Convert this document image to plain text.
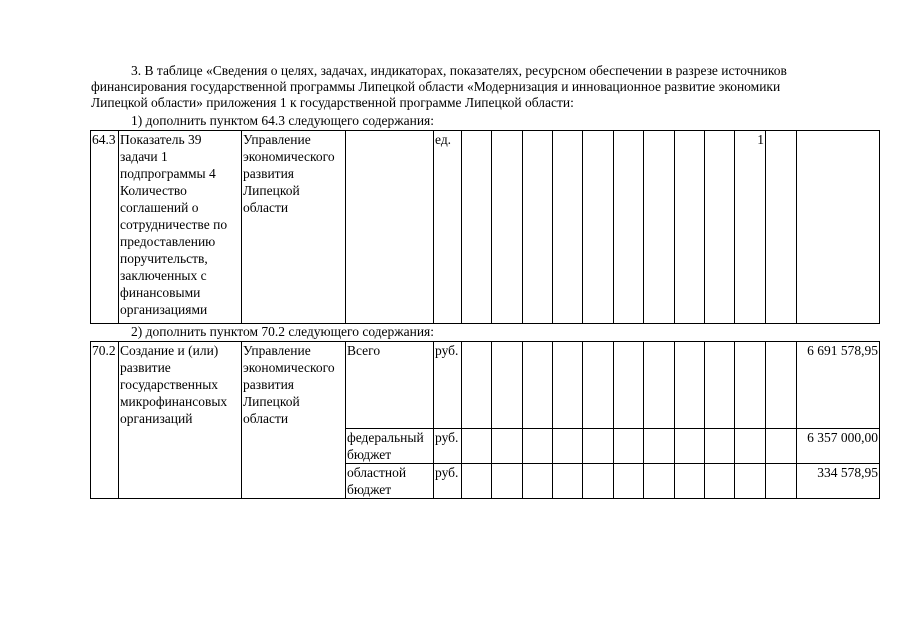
3. В таблице «Сведения о целях, задачах, индикаторах, показателях, ресурсном обеспечении в разрезе источников
финансирования государственной программы Липецкой области «Модернизация и инновационное развитие экономики
Липецкой области» приложения 1 к государственной программе Липецкой области:
1) дополнить пунктом 64.3 следующего содержания:
64.3	Показатель 39 задачи 1 подпрограммы 4 Количество соглашений о сотрудничестве по предоставлению поручительств, заключенных с финансовыми организациями	Управление экономического развития Липецкой области		ед.										1		
2) дополнить пунктом 70.2 следующего содержания:
70.2	Создание и (или) развитие государственных микрофинансовых организаций	Управление экономического развития Липецкой области	Всего	руб.												6 691 578,95
			федеральный бюджет	руб.												6 357 000,00
			областной бюджет	руб.												334 578,95
